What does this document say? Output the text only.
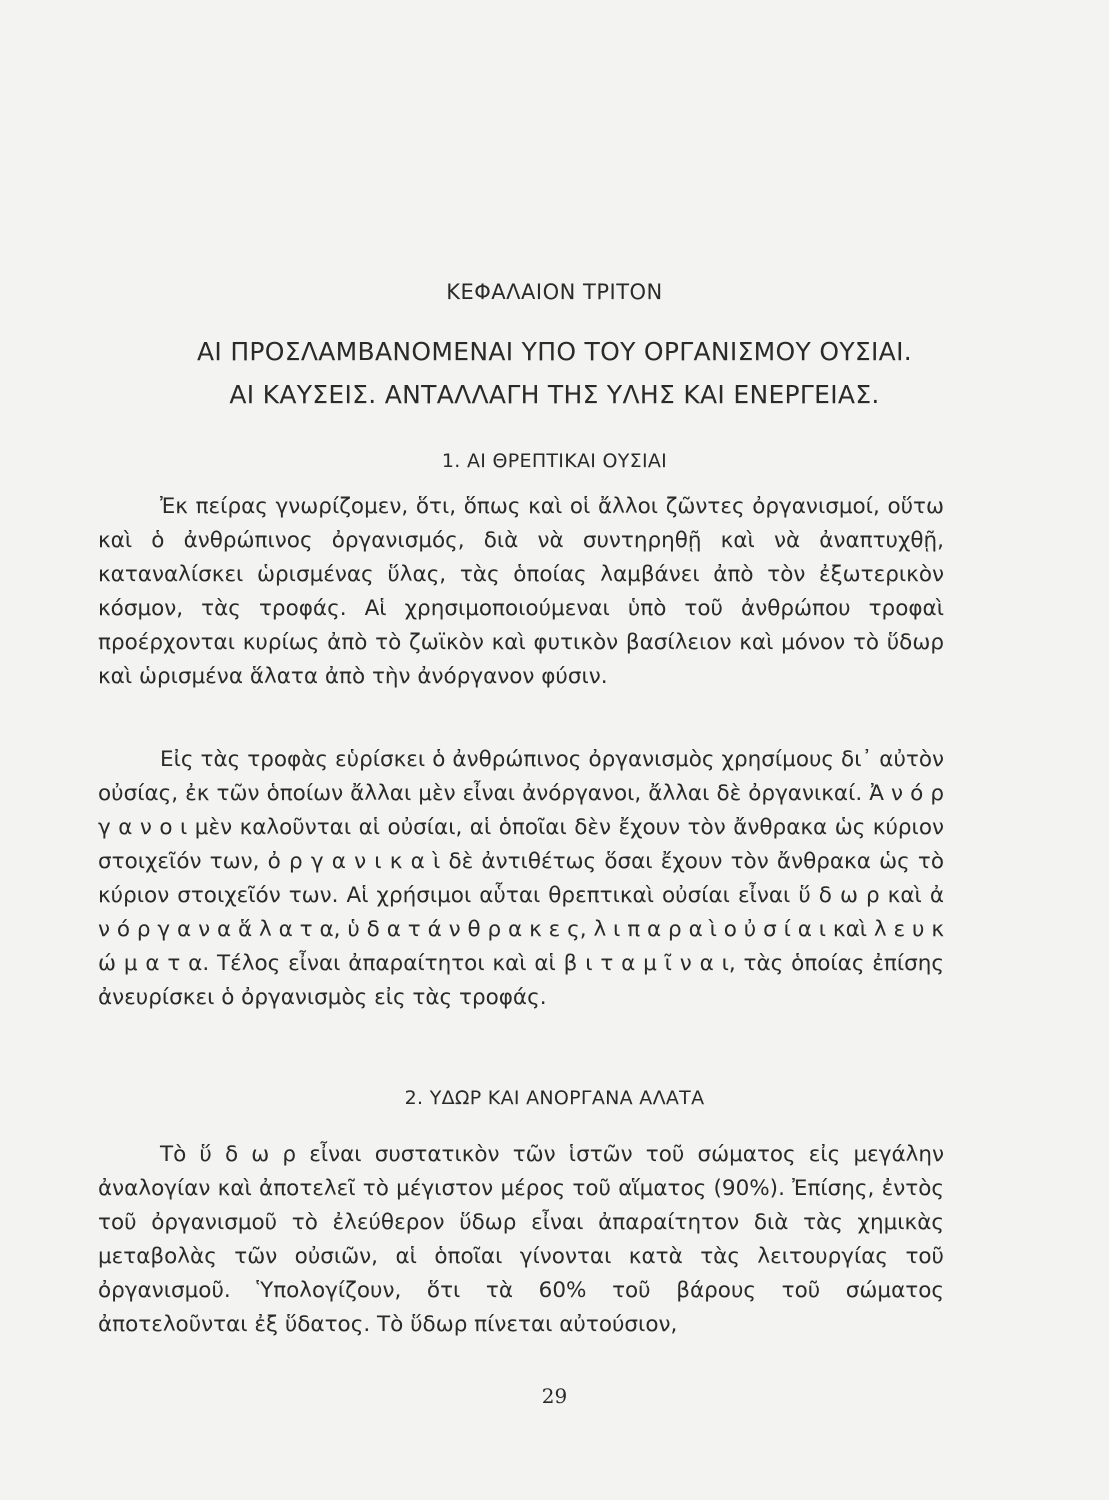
ΚΕΦΑΛΑΙΟΝ ΤΡΙΤΟΝ
ΑΙ ΠΡΟΣΛΑΜΒΑΝΟΜΕΝΑΙ ΥΠΟ ΤΟΥ ΟΡΓΑΝΙΣΜΟΥ ΟΥΣΙΑΙ.
ΑΙ ΚΑΥΣΕΙΣ. ΑΝΤΑΛΛΑΓΗ ΤΗΣ ΥΛΗΣ ΚΑΙ ΕΝΕΡΓΕΙΑΣ.
1. ΑΙ ΘΡΕΠΤΙΚΑΙ ΟΥΣΙΑΙ

Ἐκ πείρας γνωρίζομεν, ὅτι, ὅπως καὶ οἱ ἄλλοι ζῶντες ὀργανισμοί, οὕτω καὶ ὁ ἀνθρώπινος ὀργανισμός, διὰ νὰ συντηρηθῇ καὶ νὰ ἀναπτυχθῇ, καταναλίσκει ὡρισμένας ὕλας, τὰς ὁποίας λαμβάνει ἀπὸ τὸν ἐξωτερικὸν κόσμον, τὰς τροφάς. Αἱ χρησιμοποιούμεναι ὑπὸ τοῦ ἀνθρώπου τροφαὶ προέρχονται κυρίως ἀπὸ τὸ ζωϊκὸν καὶ φυτικὸν βασίλειον καὶ μόνον τὸ ὕδωρ καὶ ὡρισμένα ἅλατα ἀπὸ τὴν ἀνόργανον φύσιν.

Εἰς τὰς τροφὰς εὑρίσκει ὁ ἀνθρώπινος ὀργανισμὸς χρησίμους δι᾽ αὐτὸν οὐσίας, ἐκ τῶν ὁποίων ἄλλαι μὲν εἶναι ἀνόργανοι, ἄλλαι δὲ ὀργανικαί. Ἀ ν ό ρ γ α ν ο ι μὲν καλοῦνται αἱ οὐσίαι, αἱ ὁποῖαι δὲν ἔχουν τὸν ἄνθρακα ὡς κύριον στοιχεῖόν των, ὀ ρ γ α ν ι κ α ὶ δὲ ἀντιθέτως ὅσαι ἔχουν τὸν ἄνθρακα ὡς τὸ κύριον στοιχεῖόν των. Αἱ χρήσιμοι αὗται θρεπτικαὶ οὐσίαι εἶναι ὕ δ ω ρ καὶ ἀ ν ό ρ γ α ν α ἅ λ α τ α, ὑ δ α τ ά ν θ ρ α κ ε ς, λ ι π α ρ α ὶ ο ὐ σ ί α ι καὶ λ ε υ κ ώ μ α τ α. Τέλος εἶναι ἀπαραίτητοι καὶ αἱ β ι τ α μ ῖ ν α ι, τὰς ὁποίας ἐπίσης ἀνευρίσκει ὁ ὀργανισμὸς εἰς τὰς τροφάς.

2. ΥΔΩΡ ΚΑΙ ΑΝΟΡΓΑΝΑ ΑΛΑΤΑ

Τὸ ὕ δ ω ρ εἶναι συστατικὸν τῶν ἱστῶν τοῦ σώματος εἰς μεγάλην ἀναλογίαν καὶ ἀποτελεῖ τὸ μέγιστον μέρος τοῦ αἵματος (90%). Ἐπίσης, ἐντὸς τοῦ ὀργανισμοῦ τὸ ἐλεύθερον ὕδωρ εἶναι ἀπαραίτητον διὰ τὰς χημικὰς μεταβολὰς τῶν οὐσιῶν, αἱ ὁποῖαι γίνονται κατὰ τὰς λειτουργίας τοῦ ὀργανισμοῦ. Ὑπολογίζουν, ὅτι τὰ 60% τοῦ βάρους τοῦ σώματος ἀποτελοῦνται ἐξ ὕδατος. Τὸ ὕδωρ πίνεται αὐτούσιον,

29
